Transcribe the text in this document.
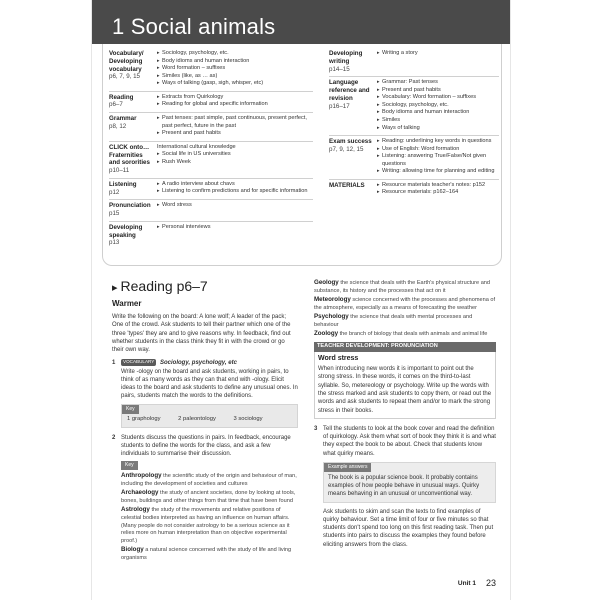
1 Social animals
Vocabulary/ Developing vocabulary
p6, 7, 9, 15
▸ Sociology, psychology, etc.
▸ Body idioms and human interaction
▸ Word formation – suffixes
▸ Similes (like, as … as)
▸ Ways of talking (gasp, sigh, whisper, etc)
Reading
p6–7
▸ Extracts from Quirkology
▸ Reading for global and specific information
Grammar
p8, 12
▸ Past tenses: past simple, past continuous, present perfect, past perfect, future in the past
▸ Present and past habits
CLICK onto… Fraternities and sororities
p10–11
International cultural knowledge
▸ Social life in US universities
▸ Rush Week
Listening
p12
▸ A radio interview about chavs
▸ Listening to confirm predictions and for specific information
Pronunciation
p15
▸ Word stress
Developing speaking
p13
▸ Personal interviews
Developing writing
p14–15
▸ Writing a story
Language reference and revision
p16–17
▸ Grammar: Past tenses
▸ Present and past habits
▸ Vocabulary: Word formation – suffixes
▸ Sociology, psychology, etc.
▸ Body idioms and human interaction
▸ Similes
▸ Ways of talking
Exam success
p7, 9, 12, 15
▸ Reading: underlining key words in questions
▸ Use of English: Word formation
▸ Listening: answering True/False/Not given questions
▸ Writing: allowing time for planning and editing
MATERIALS
▸	Resource materials teacher's notes: p152
▸ Resource materials: p162–164
▸ Reading p6–7
Warmer
Write the following on the board: A lone wolf; A leader of the pack; One of the crowd. Ask students to tell their partner which one of the three 'types' they are and to give reasons why. In feedback, find out whether students in the class think they fit in with the crowd or go their own way.
1	VOCABULARY Sociology, psychology, etc
Write -ology on the board and ask students, working in pairs, to think of as many words as they can that end with -ology. Elicit ideas to the board and ask students to define any unusual ones. In pairs, students match the words to the definitions.
Key
1 graphology	2 paleontology	3 sociology
2 Students discuss the questions in pairs. In feedback, encourage students to define the words for the class, and ask a few individuals to summarise their discussion.
Key
Anthropology the scientific study of the origin and behaviour of man, including the development of societies and cultures
Archaeology the study of ancient societies, done by looking at tools, bones, buildings and other things from that time that have been found
Astrology the study of the movements and relative positions of celestial bodies interpreted as having an influence on human affairs. (Many people do not consider astrology to be a serious science as it relies more on human interpretation than on objective experimental proof.)
Biology a natural science concerned with the study of life and living organisms
Geology the science that deals with the Earth's physical structure and substance, its history and the processes that act on it
Meteorology science concerned with the processes and phenomena of the atmosphere, especially as a means of forecasting the weather
Psychology the science that deals with mental processes and behaviour
Zoology the branch of biology that deals with animals and animal life
TEACHER DEVELOPMENT: PRONUNCIATION
Word stress
When introducing new words it is important to point out the strong stress. In these words, it comes on the third-to-last syllable. So, metereology or psychology. Write up the words with the stress marked and ask students to copy them, or read out the words and ask students to repeat them and/or to mark the strong stress in their books.
3 Tell the students to look at the book cover and read the definition of quirkology. Ask them what sort of book they think it is and what they expect the book to be about. Check that students know what quirky means.
Example answers
The book is a popular science book. It probably contains examples of how people behave in unusual ways. Quirky means behaving in an unusual or unconventional way.
Ask students to skim and scan the texts to find examples of quirky behaviour. Set a time limit of four or five minutes so that students don't spend too long on this first reading task. Then put students into pairs to discuss the examples they found before eliciting answers from the class.
Unit 1 23
